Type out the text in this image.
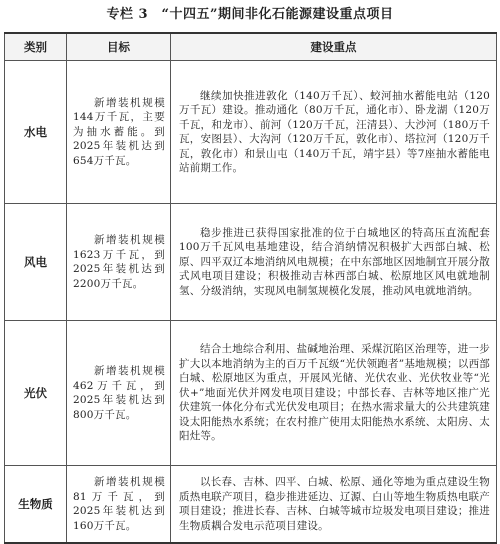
专栏 3　“十四五”期间非化石能源建设重点项目
类别	目标	建设重点
水电	新增装机规模144万千瓦，主要为抽水蓄能。到2025年装机达到654万千瓦。	继续加快推进敦化（140万千瓦）、蛟河抽水蓄能电站（120万千瓦）建设。推动通化（80万千瓦，通化市）、卧龙湖（120万千瓦，和龙市）、前河（120万千瓦，汪清县）、大沙河（180万千瓦，安图县）、大沟河（120万千瓦，敦化市）、塔拉河（120万千瓦，敦化市）和景山屯（140万千瓦，靖宇县）等7座抽水蓄能电站前期工作。
风电	新增装机规模1623万千瓦，到2025年装机达到2200万千瓦。	稳步推进已获得国家批准的位于白城地区的特高压直流配套100万千瓦风电基地建设，结合消纳情况积极扩大西部白城、松原、四平双辽本地消纳风电规模；在中东部地区因地制宜开展分散式风电项目建设；积极推动吉林西部白城、松原地区风电就地制氢、分级消纳，实现风电制氢规模化发展，推动风电就地消纳。
光伏	新增装机规模462万千瓦，到2025年装机达到800万千瓦。	结合土地综合利用、盐碱地治理、采煤沉陷区治理等，进一步扩大以本地消纳为主的百万千瓦级“光伏领跑者”基地规模；以西部白城、松原地区为重点，开展风光储、光伏农业、光伏牧业等“光伏+”地面光伏并网发电项目建设；中部长春、吉林等地区推广光伏建筑一体化分布式光伏发电项目；在热水需求量大的公共建筑建设太阳能热水系统；在农村推广使用太阳能热水系统、太阳房、太阳灶等。
生物质	新增装机规模81万千瓦，到2025年装机达到160万千瓦。	以长春、吉林、四平、白城、松原、通化等地为重点建设生物质热电联产项目，稳步推进延边、辽源、白山等地生物质热电联产项目建设；推进长春、吉林、白城等城市垃圾发电项目建设；推进生物质耦合发电示范项目建设。
